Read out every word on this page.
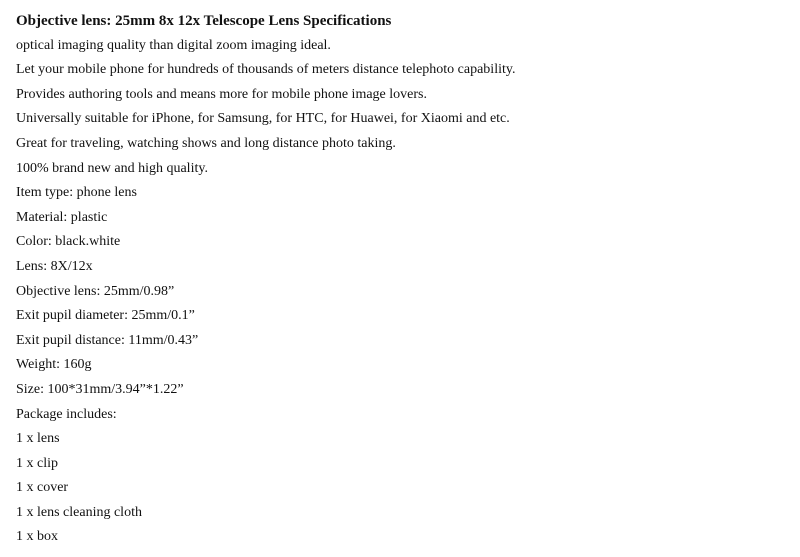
Objective lens: 25mm 8x 12x Telescope Lens Specifications

optical imaging quality than digital zoom imaging ideal.

Let your mobile phone for hundreds of thousands of meters distance telephoto capability.

Provides authoring tools and means more for mobile phone image lovers.

Universally suitable for iPhone, for Samsung, for HTC, for Huawei, for Xiaomi and etc.

Great for traveling, watching shows and long distance photo taking.

100% brand new and high quality.

Item type: phone lens

Material: plastic

Color: black.white

Lens: 8X/12x

Objective lens: 25mm/0.98”

Exit pupil diameter: 25mm/0.1”

Exit pupil distance: 11mm/0.43”

Weight: 160g

Size: 100*31mm/3.94”*1.22”

Package includes:

1 x lens

1 x clip

1 x cover

1 x lens cleaning cloth

1 x box
